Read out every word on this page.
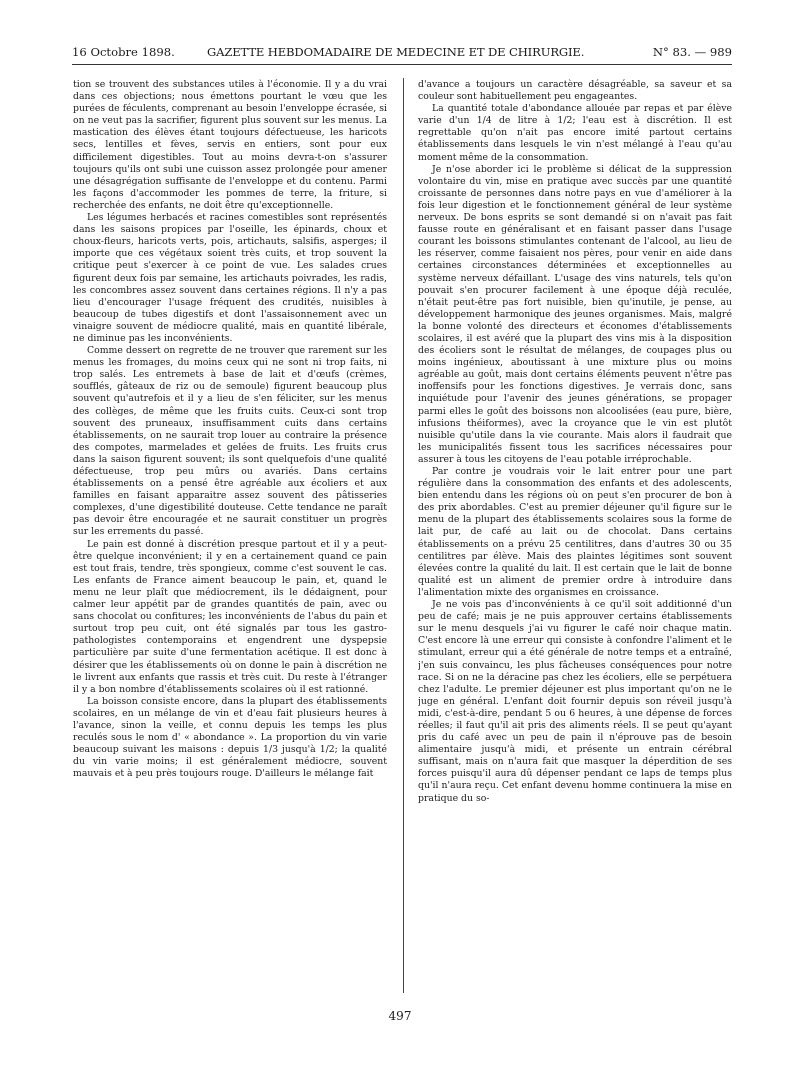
16 Octobre 1898.	GAZETTE HEBDOMADAIRE DE MEDECINE ET DE CHIRURGIE.	N° 83. — 989

tion se trouvent des substances utiles à l'économie. Il y a du vrai dans ces objections; nous émettons pourtant le vœu que les purées de féculents, comprenant au besoin l'enveloppe écrasée, si on ne veut pas la sacrifier, figurent plus souvent sur les menus. La mastication des élèves étant toujours défectueuse, les haricots secs, lentilles et fèves, servis en entiers, sont pour eux difficilement digestibles. Tout au moins devra-t-on s'assurer toujours qu'ils ont subi une cuisson assez prolongée pour amener une désagrégation suffisante de l'enveloppe et du contenu. Parmi les façons d'accommoder les pommes de terre, la friture, si recherchée des enfants, ne doit être qu'exceptionnelle.

Les légumes herbacés et racines comestibles sont représentés dans les saisons propices par l'oseille, les épinards, choux et choux-fleurs, haricots verts, pois, artichauts, salsifis, asperges; il importe que ces végétaux soient très cuits, et trop souvent la critique peut s'exercer à ce point de vue. Les salades crues figurent deux fois par semaine, les artichauts poivrades, les radis, les concombres assez souvent dans certaines régions. Il n'y a pas lieu d'encourager l'usage fréquent des crudités, nuisibles à beaucoup de tubes digestifs et dont l'assaisonnement avec un vinaigre souvent de médiocre qualité, mais en quantité libérale, ne diminue pas les inconvénients.

Comme dessert on regrette de ne trouver que rarement sur les menus les fromages, du moins ceux qui ne sont ni trop faits, ni trop salés. Les entremets à base de lait et d'œufs (crèmes, soufflés, gâteaux de riz ou de semoule) figurent beaucoup plus souvent qu'autrefois et il y a lieu de s'en féliciter, sur les menus des collèges, de même que les fruits cuits. Ceux-ci sont trop souvent des pruneaux, insuffisamment cuits dans certains établissements, on ne saurait trop louer au contraire la présence des compotes, marmelades et gelées de fruits. Les fruits crus dans la saison figurent souvent; ils sont quelquefois d'une qualité défectueuse, trop peu mûrs ou avariés. Dans certains établissements on a pensé être agréable aux écoliers et aux familles en faisant apparaitre assez souvent des pâtisseries complexes, d'une digestibilité douteuse. Cette tendance ne paraît pas devoir être encouragée et ne saurait constituer un progrès sur les errements du passé.

Le pain est donné à discrétion presque partout et il y a peut-être quelque inconvénient; il y en a certainement quand ce pain est tout frais, tendre, très spongieux, comme c'est souvent le cas. Les enfants de France aiment beaucoup le pain, et, quand le menu ne leur plaît que médiocrement, ils le dédaignent, pour calmer leur appétit par de grandes quantités de pain, avec ou sans chocolat ou confitures; les inconvénients de l'abus du pain et surtout trop peu cuit, ont été signalés par tous les gastro-pathologistes contemporains et engendrent une dyspepsie particulière par suite d'une fermentation acétique. Il est donc à désirer que les établissements où on donne le pain à discrétion ne le livrent aux enfants que rassis et très cuit. Du reste à l'étranger il y a bon nombre d'établissements scolaires où il est rationné.

La boisson consiste encore, dans la plupart des établissements scolaires, en un mélange de vin et d'eau fait plusieurs heures à l'avance, sinon la veille, et connu depuis les temps les plus reculés sous le nom d' « abondance ». La proportion du vin varie beaucoup suivant les maisons : depuis 1/3 jusqu'à 1/2; la qualité du vin varie moins; il est généralement médiocre, souvent mauvais et à peu près toujours rouge. D'ailleurs le mélange fait

d'avance a toujours un caractère désagréable, sa saveur et sa couleur sont habituellement peu engageantes.

La quantité totale d'abondance allouée par repas et par élève varie d'un 1/4 de litre à 1/2; l'eau est à discrétion. Il est regrettable qu'on n'ait pas encore imité partout certains établissements dans lesquels le vin n'est mélangé à l'eau qu'au moment même de la consommation.

Je n'ose aborder ici le problème si délicat de la suppression volontaire du vin, mise en pratique avec succès par une quantité croissante de personnes dans notre pays en vue d'améliorer à la fois leur digestion et le fonctionnement général de leur système nerveux. De bons esprits se sont demandé si on n'avait pas fait fausse route en généralisant et en faisant passer dans l'usage courant les boissons stimulantes contenant de l'alcool, au lieu de les réserver, comme faisaient nos pères, pour venir en aide dans certaines circonstances déterminées et exceptionnelles au système nerveux défaillant. L'usage des vins naturels, tels qu'on pouvait s'en procurer facilement à une époque déjà reculée, n'était peut-être pas fort nuisible, bien qu'inutile, je pense, au développement harmonique des jeunes organismes. Mais, malgré la bonne volonté des directeurs et économes d'établissements scolaires, il est avéré que la plupart des vins mis à la disposition des écoliers sont le résultat de mélanges, de coupages plus ou moins ingénieux, aboutissant à une mixture plus ou moins agréable au goût, mais dont certains éléments peuvent n'être pas inoffensifs pour les fonctions digestives. Je verrais donc, sans inquiétude pour l'avenir des jeunes générations, se propager parmi elles le goût des boissons non alcoolisées (eau pure, bière, infusions théiformes), avec la croyance que le vin est plutôt nuisible qu'utile dans la vie courante. Mais alors il faudrait que les municipalités fissent tous les sacrifices nécessaires pour assurer à tous les citoyens de l'eau potable irréprochable.

Par contre je voudrais voir le lait entrer pour une part régulière dans la consommation des enfants et des adolescents, bien entendu dans les régions où on peut s'en procurer de bon à des prix abordables. C'est au premier déjeuner qu'il figure sur le menu de la plupart des établissements scolaires sous la forme de lait pur, de café au lait ou de chocolat. Dans certains établissements on a prévu 25 centilitres, dans d'autres 30 ou 35 centilitres par élève. Mais des plaintes légitimes sont souvent élevées contre la qualité du lait. Il est certain que le lait de bonne qualité est un aliment de premier ordre à introduire dans l'alimentation mixte des organismes en croissance.

Je ne vois pas d'inconvénients à ce qu'il soit additionné d'un peu de café; mais je ne puis approuver certains établissements sur le menu desquels j'ai vu figurer le café noir chaque matin. C'est encore là une erreur qui consiste à confondre l'aliment et le stimulant, erreur qui a été générale de notre temps et a entraîné, j'en suis convaincu, les plus fâcheuses conséquences pour notre race. Si on ne la déracine pas chez les écoliers, elle se perpétuera chez l'adulte. Le premier déjeuner est plus important qu'on ne le juge en général. L'enfant doit fournir depuis son réveil jusqu'à midi, c'est-à-dire, pendant 5 ou 6 heures, à une dépense de forces réelles; il faut qu'il ait pris des aliments réels. Il se peut qu'ayant pris du café avec un peu de pain il n'éprouve pas de besoin alimentaire jusqu'à midi, et présente un entrain cérébral suffisant, mais on n'aura fait que masquer la déperdition de ses forces puisqu'il aura dû dépenser pendant ce laps de temps plus qu'il n'aura reçu. Cet enfant devenu homme continuera la mise en pratique du so-

497
